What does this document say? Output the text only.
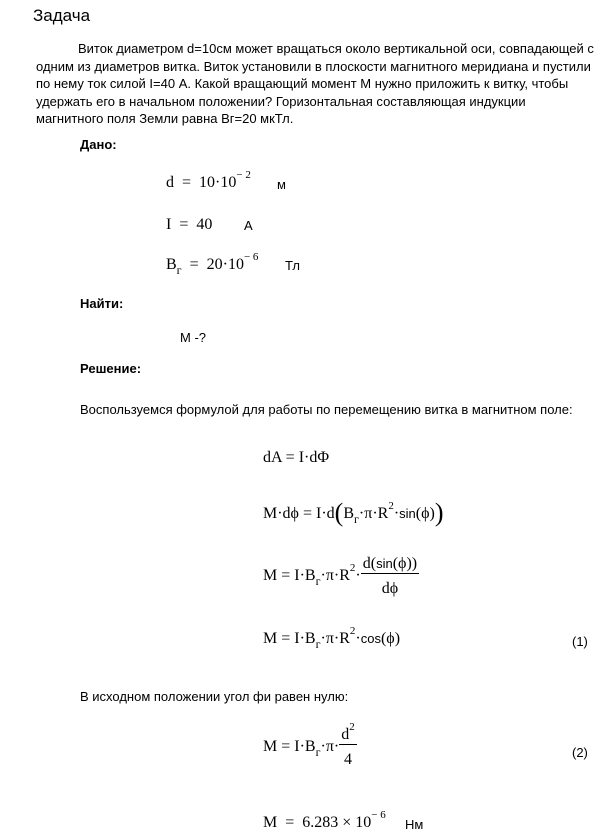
Задача
Виток диаметром d=10см может вращаться около вертикальной оси, совпадающей с одним из диаметров витка. Виток установили в плоскости магнитного меридиана и пустили по нему ток силой I=40 А. Какой вращающий момент М нужно приложить к витку, чтобы удержать его в начальном положении? Горизонтальная составляющая индукции магнитного поля Земли равна Вг=20 мкТл.
Дано:
$d = 10\cdot 10^{- 2}$
м
I = 40 А
$B_г = 20\cdot 10^{- 6}$
Тл
Найти:
М -?
Решение:
Воспользуемся формулой для работы по перемещению витка в магнитном поле:
dA = I·dΦ
$M\cdot d\phi = I\cdot d(B_г\cdot\pi\cdot R^2\cdot\sin(\phi))$
$M = I\cdot B_г\cdot\pi\cdot R^2\cdot \frac{d(\sin(\phi))}{d\phi}$
$M = I\cdot B_г\cdot\pi\cdot R^2\cdot\cos(\phi)$	(1)
В исходном положении угол фи равен нулю:
$M = I\cdot B_г\cdot\pi\cdot \frac{d^2}{4}$	(2)
$M = 6.283 \times 10^{- 6}$
Нм
